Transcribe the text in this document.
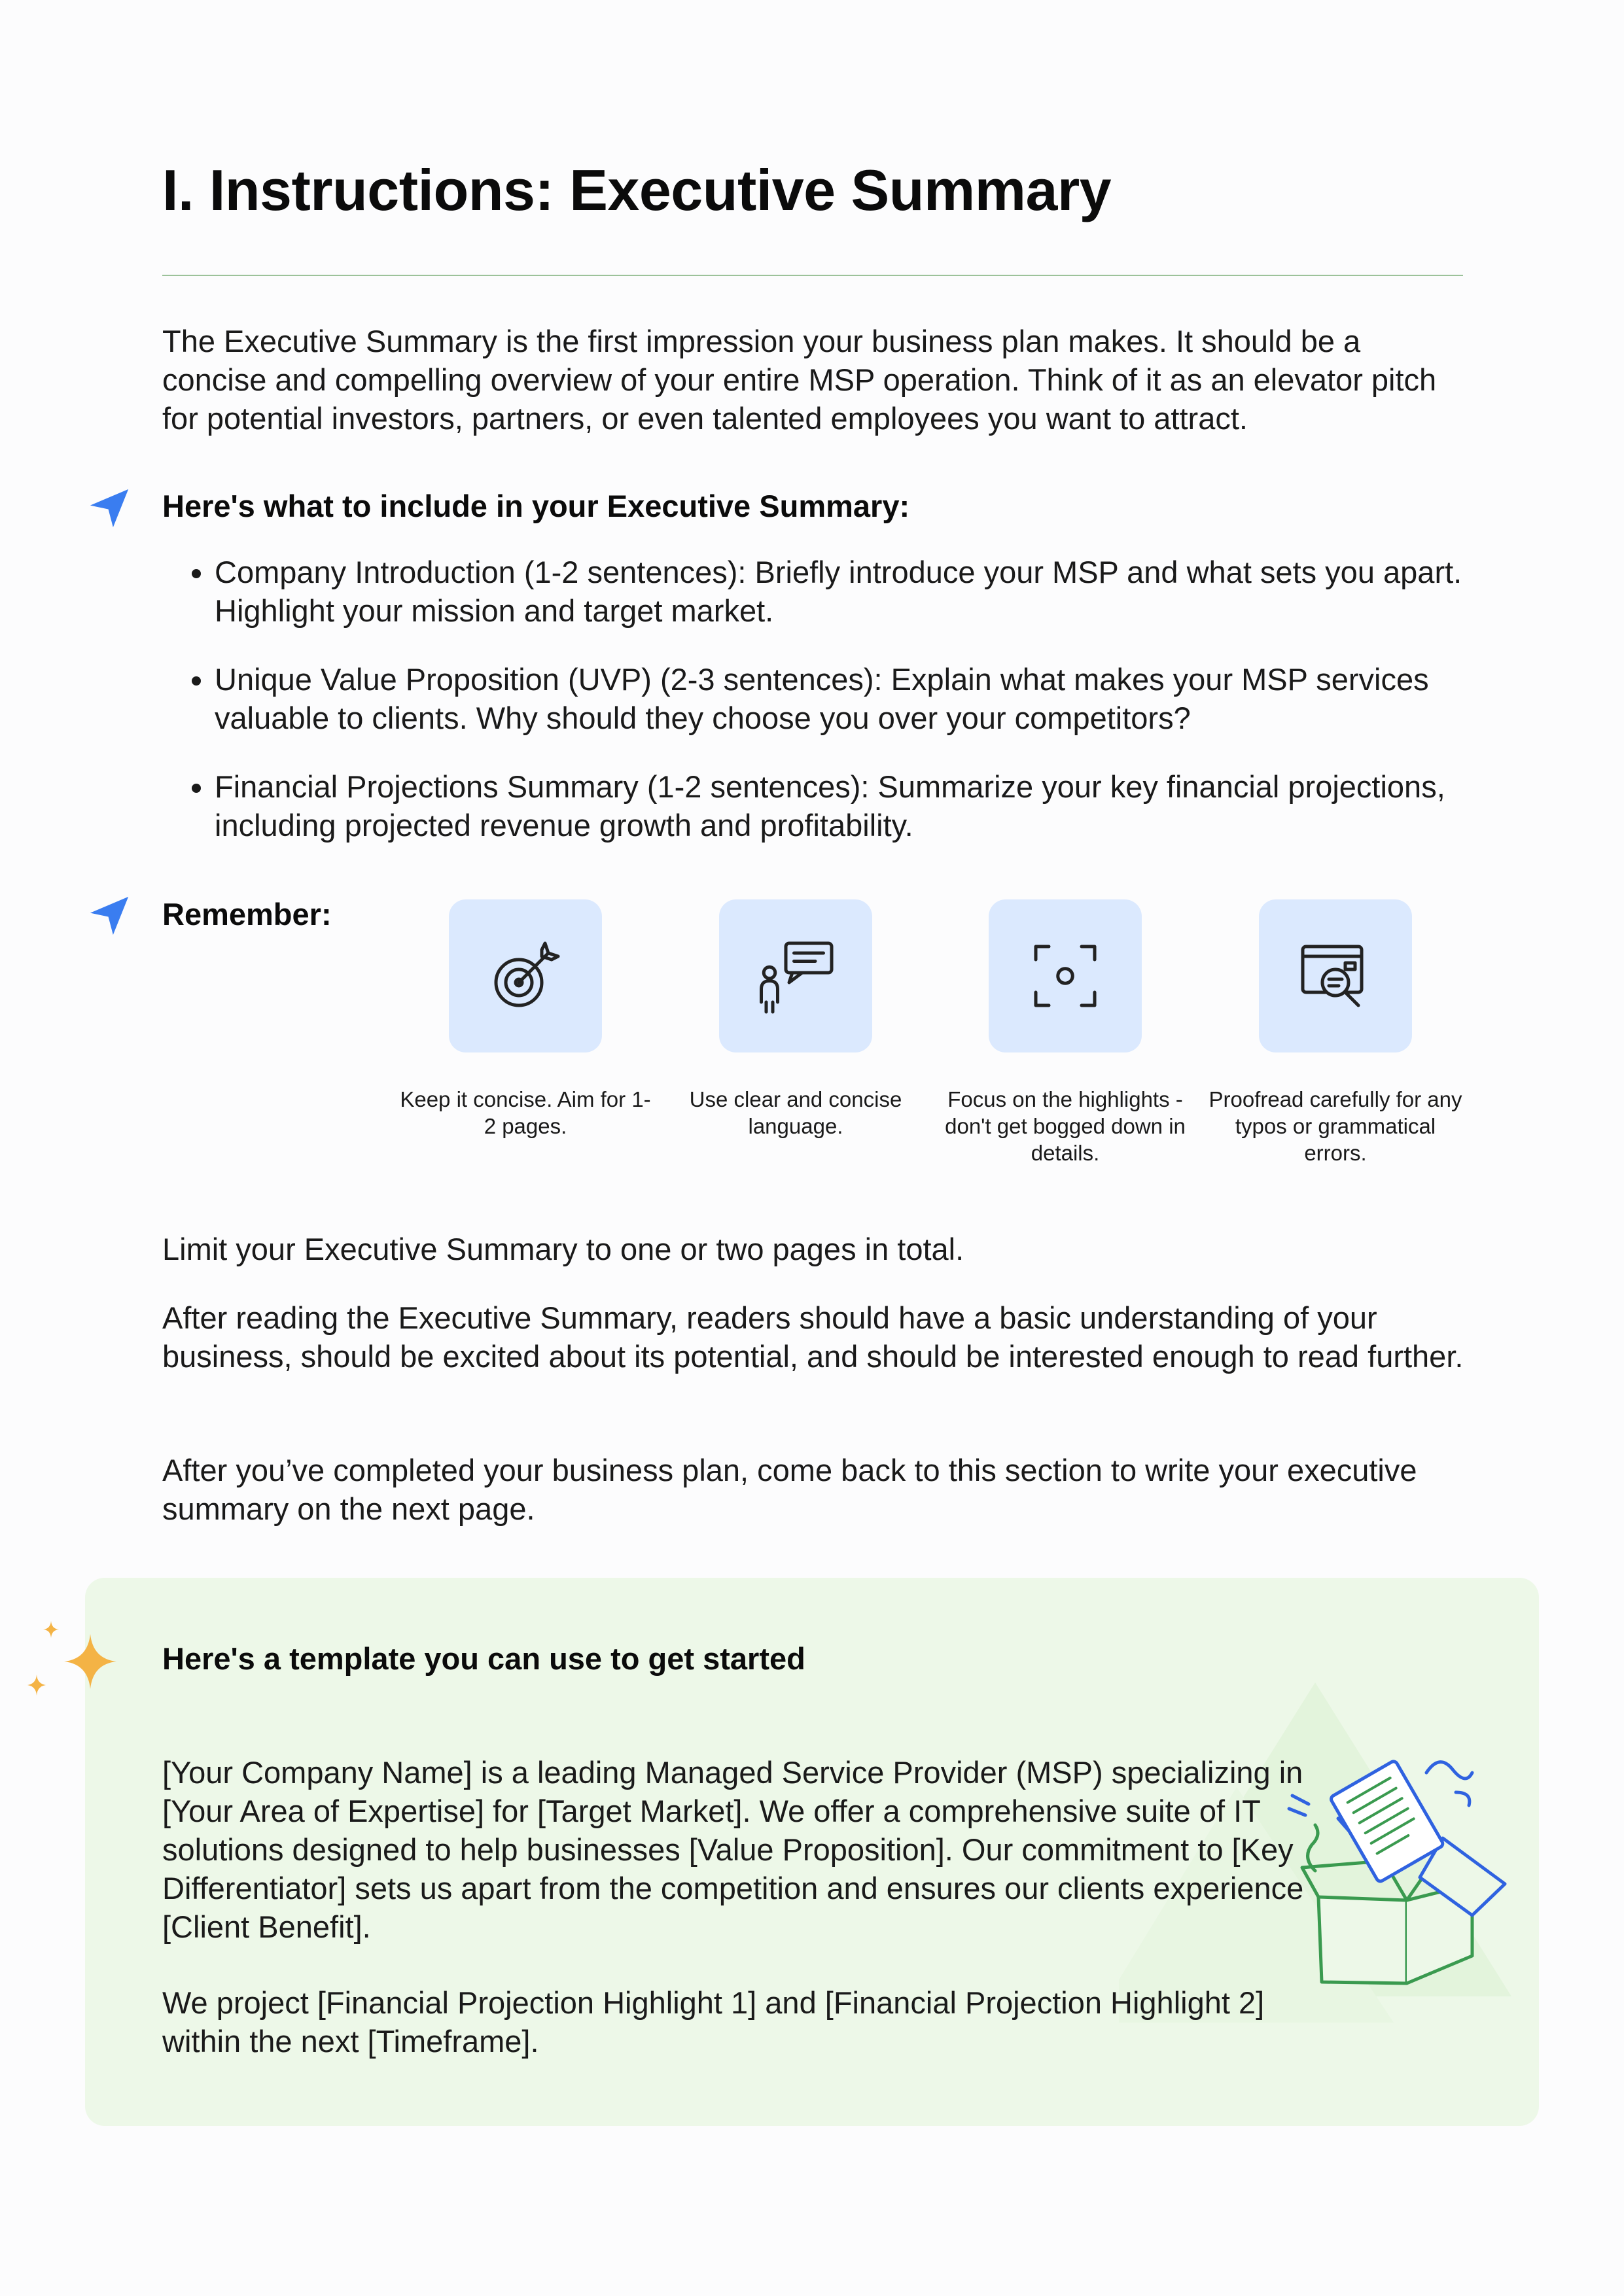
I. Instructions: Executive Summary

The Executive Summary is the first impression your business plan makes. It should be a concise and compelling overview of your entire MSP operation. Think of it as an elevator pitch for potential investors, partners, or even talented employees you want to attract.

Here's what to include in your Executive Summary:
• Company Introduction (1-2 sentences): Briefly introduce your MSP and what sets you apart. Highlight your mission and target market.
• Unique Value Proposition (UVP) (2-3 sentences): Explain what makes your MSP services valuable to clients. Why should they choose you over your competitors?
• Financial Projections Summary (1-2 sentences): Summarize your key financial projections, including projected revenue growth and profitability.
Remember:
Keep it concise. Aim for 1-2 pages.
Use clear and concise language.
Focus on the highlights - don't get bogged down in details.
Proofread carefully for any typos or grammatical errors.

Limit your Executive Summary to one or two pages in total.

After reading the Executive Summary, readers should have a basic understanding of your business, should be excited about its potential, and should be interested enough to read further.

After you’ve completed your business plan, come back to this section to write your executive summary on the next page.

Here's a template you can use to get started

[Your Company Name] is a leading Managed Service Provider (MSP) specializing in [Your Area of Expertise] for [Target Market]. We offer a comprehensive suite of IT solutions designed to help businesses [Value Proposition]. Our commitment to [Key Differentiator] sets us apart from the competition and ensures our clients experience [Client Benefit].

We project [Financial Projection Highlight 1] and [Financial Projection Highlight 2] within the next [Timeframe].
